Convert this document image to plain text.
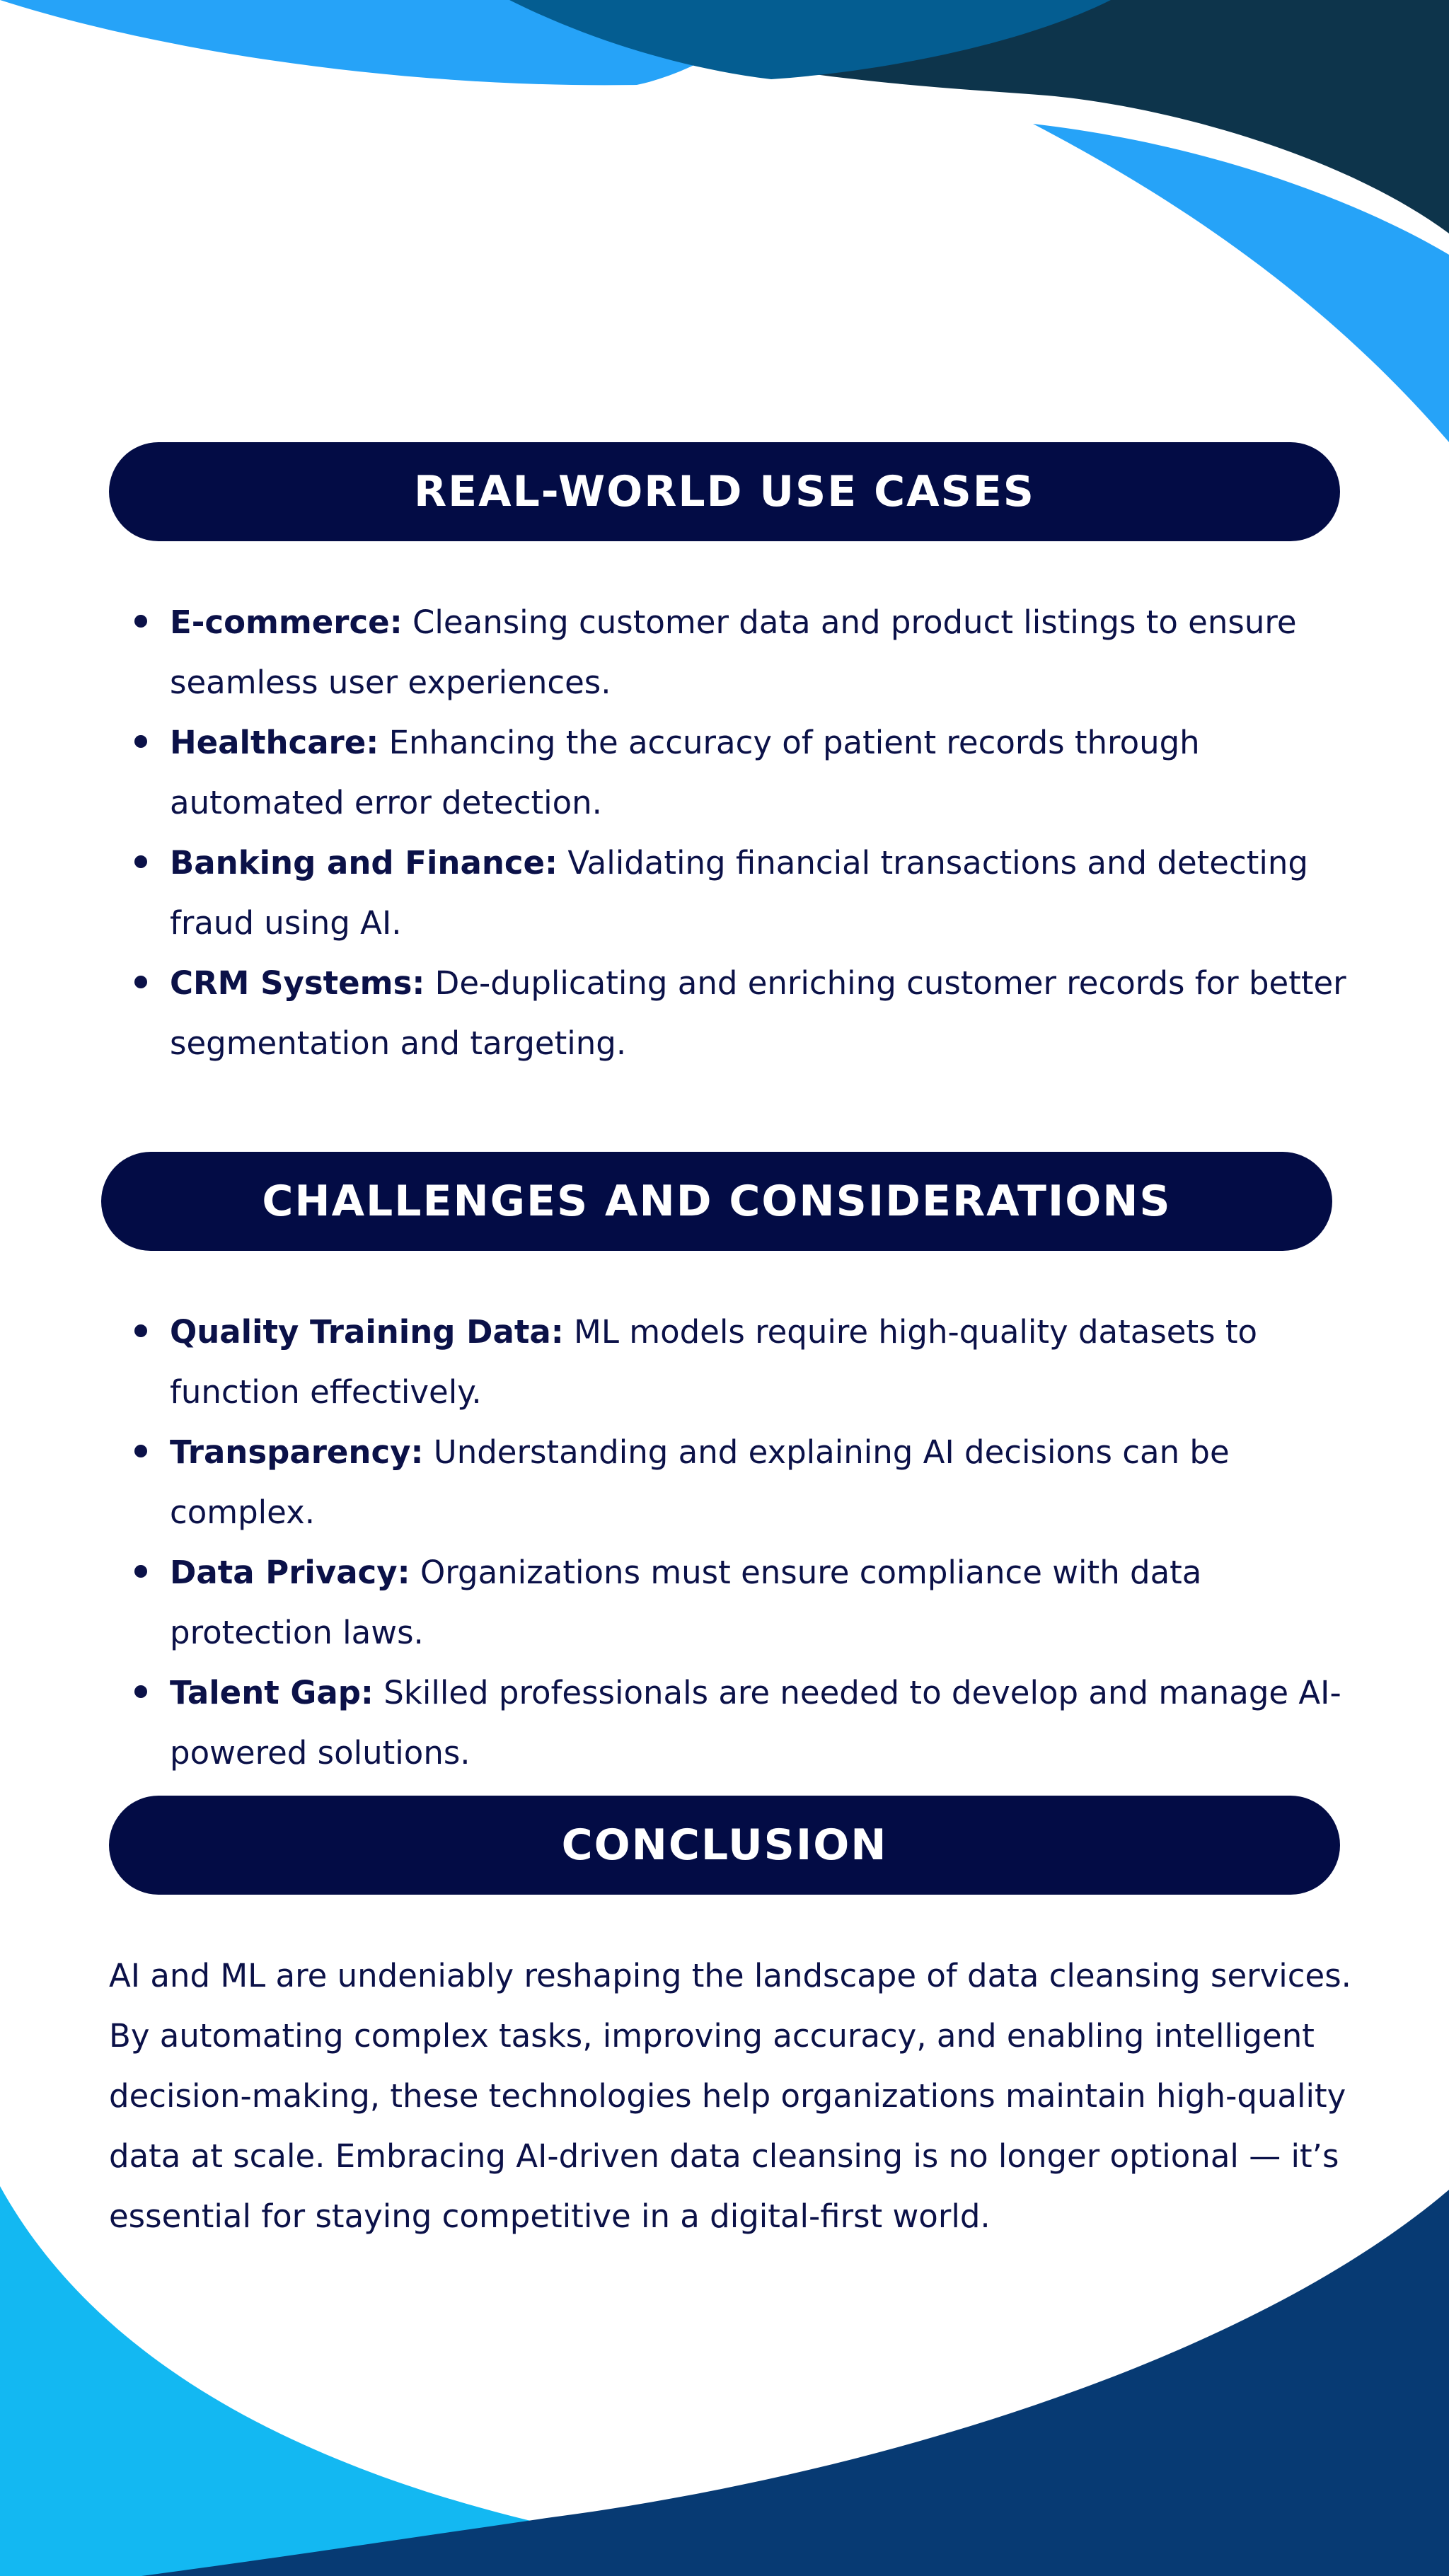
REAL-WORLD USE CASES
E-commerce: Cleansing customer data and product listings to ensure seamless user experiences.
Healthcare: Enhancing the accuracy of patient records through automated error detection.
Banking and Finance: Validating financial transactions and detecting fraud using AI.
CRM Systems: De-duplicating and enriching customer records for better segmentation and targeting.
CHALLENGES AND CONSIDERATIONS
Quality Training Data: ML models require high-quality datasets to function effectively.
Transparency: Understanding and explaining AI decisions can be complex.
Data Privacy: Organizations must ensure compliance with data protection laws.
Talent Gap: Skilled professionals are needed to develop and manage AI-powered solutions.
CONCLUSION

AI and ML are undeniably reshaping the landscape of data cleansing services. By automating complex tasks, improving accuracy, and enabling intelligent decision-making, these technologies help organizations maintain high-quality data at scale. Embracing AI-driven data cleansing is no longer optional — it’s essential for staying competitive in a digital-first world.
